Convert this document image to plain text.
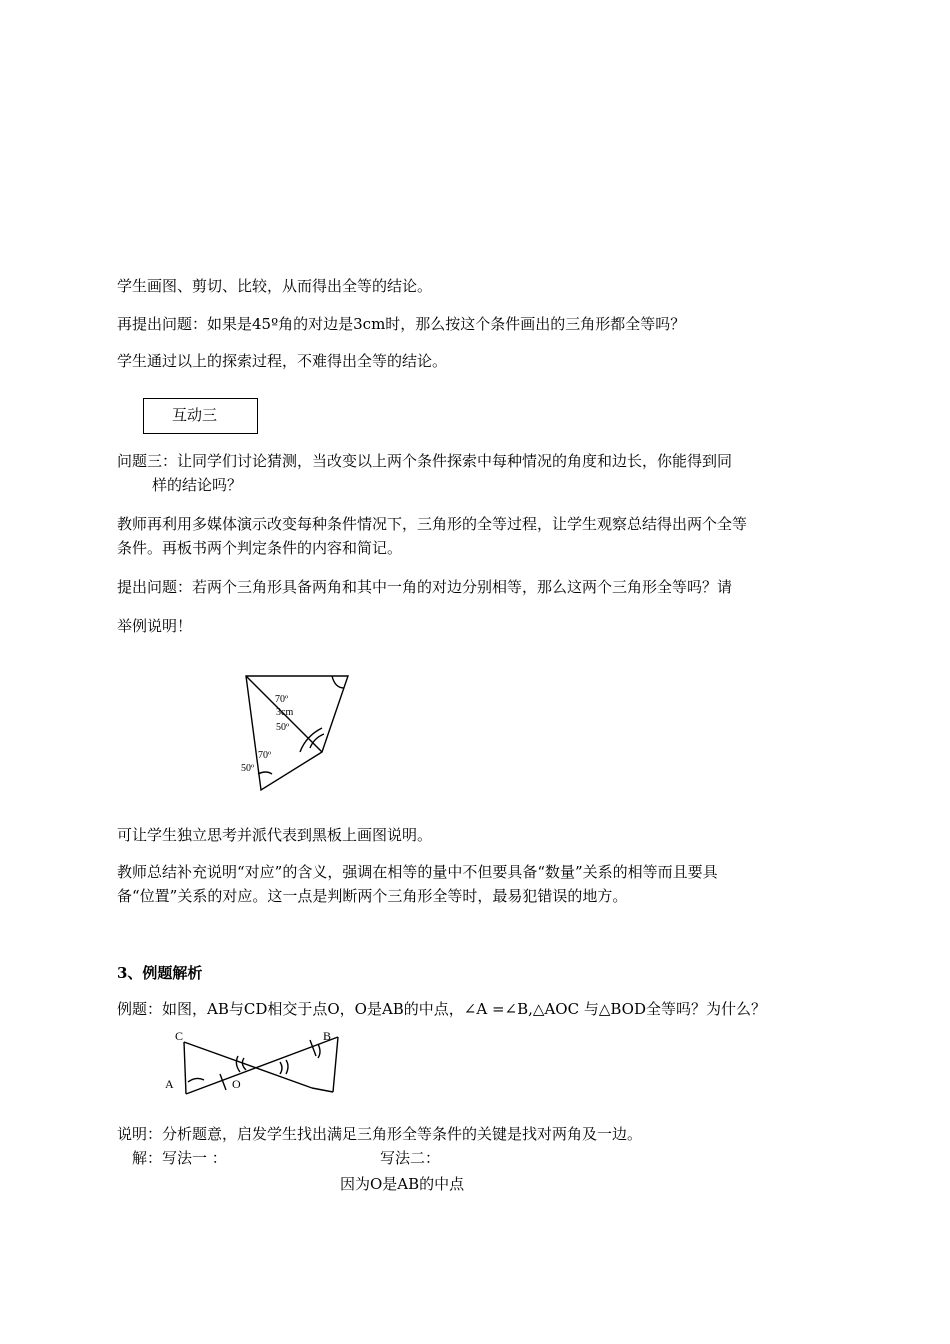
学生画图、剪切、比较，从而得出全等的结论。
再提出问题：如果是45º角的对边是3cm时，那么按这个条件画出的三角形都全等吗？
学生通过以上的探索过程，不难得出全等的结论。
互动三
问题三：让同学们讨论猜测，当改变以上两个条件探索中每种情况的角度和边长，你能得到同
样的结论吗？
教师再利用多媒体演示改变每种条件情况下，三角形的全等过程，让学生观察总结得出两个全等
条件。再板书两个判定条件的内容和简记。
提出问题：若两个三角形具备两角和其中一角的对边分别相等，那么这两个三角形全等吗？请
举例说明！
70º
3cm
50º
70º
50º
C	B
A	O
可让学生独立思考并派代表到黑板上画图说明。
教师总结补充说明“对应”的含义，强调在相等的量中不但要具备“数量”关系的相等而且要具
备“位置”关系的对应。这一点是判断两个三角形全等时，最易犯错误的地方。
3、例题解析
例题：如图，AB与CD相交于点O，O是AB的中点，∠A =∠B,△AOC 与△BOD全等吗？为什么？
说明：分析题意，启发学生找出满足三角形全等条件的关键是找对两角及一边。
解：写法一 ：	写法二：
因为O是AB的中点
